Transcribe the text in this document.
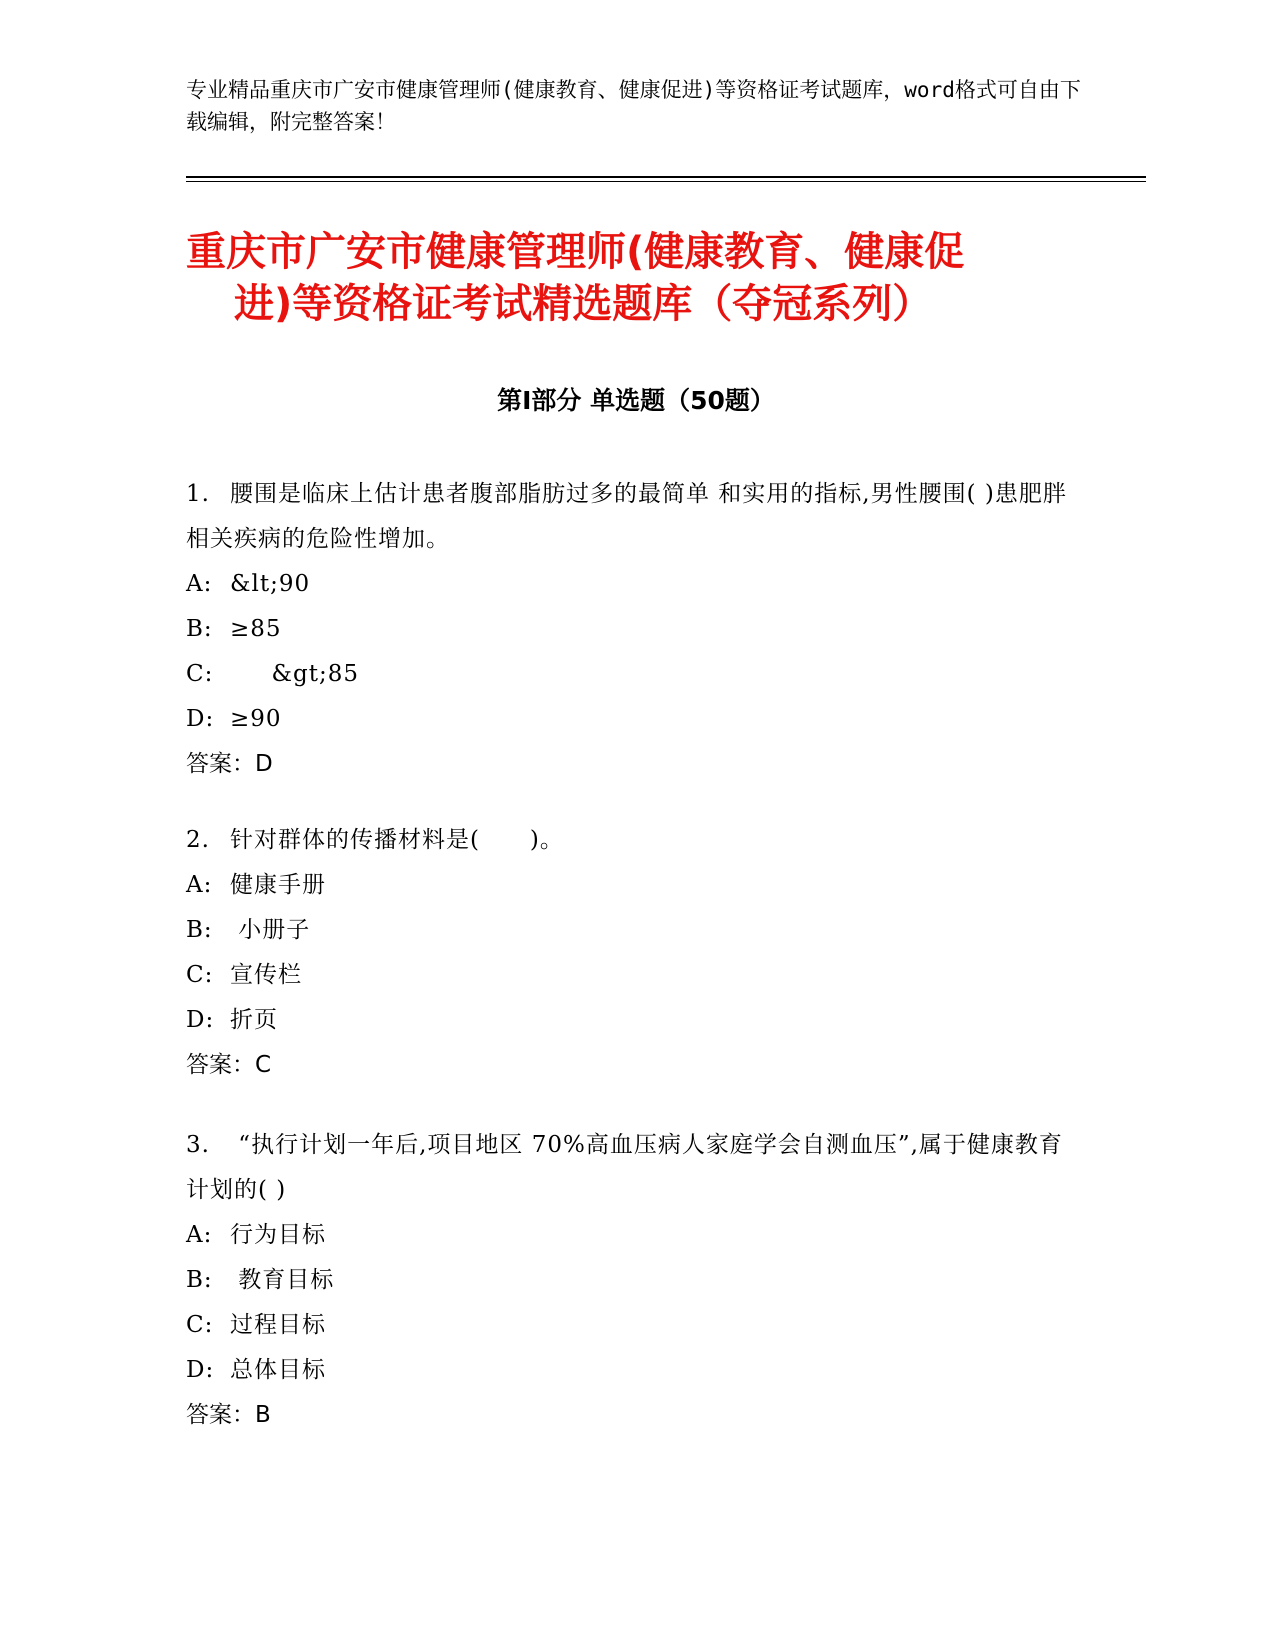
专业精品重庆市广安市健康管理师(健康教育、健康促进)等资格证考试题库，word格式可自由下载编辑，附完整答案！
重庆市广安市健康管理师(健康教育、健康促
进)等资格证考试精选题库（夺冠系列）
第Ⅰ部分 单选题（50题）

1. 腰围是临床上估计患者腹部脂肪过多的最简单 和实用的指标,男性腰围( )患肥胖相关疾病的危险性增加。

A: &lt;90

B: ≥85

C:     &gt;85

D: ≥90

答案：D

2. 针对群体的传播材料是(      )。

A: 健康手册

B: 小册子

C: 宣传栏

D: 折页

答案：C

3. “执行计划一年后,项目地区 70%高血压病人家庭学会自测血压”,属于健康教育计划的( )

A: 行为目标

B: 教育目标

C: 过程目标

D: 总体目标

答案：B
